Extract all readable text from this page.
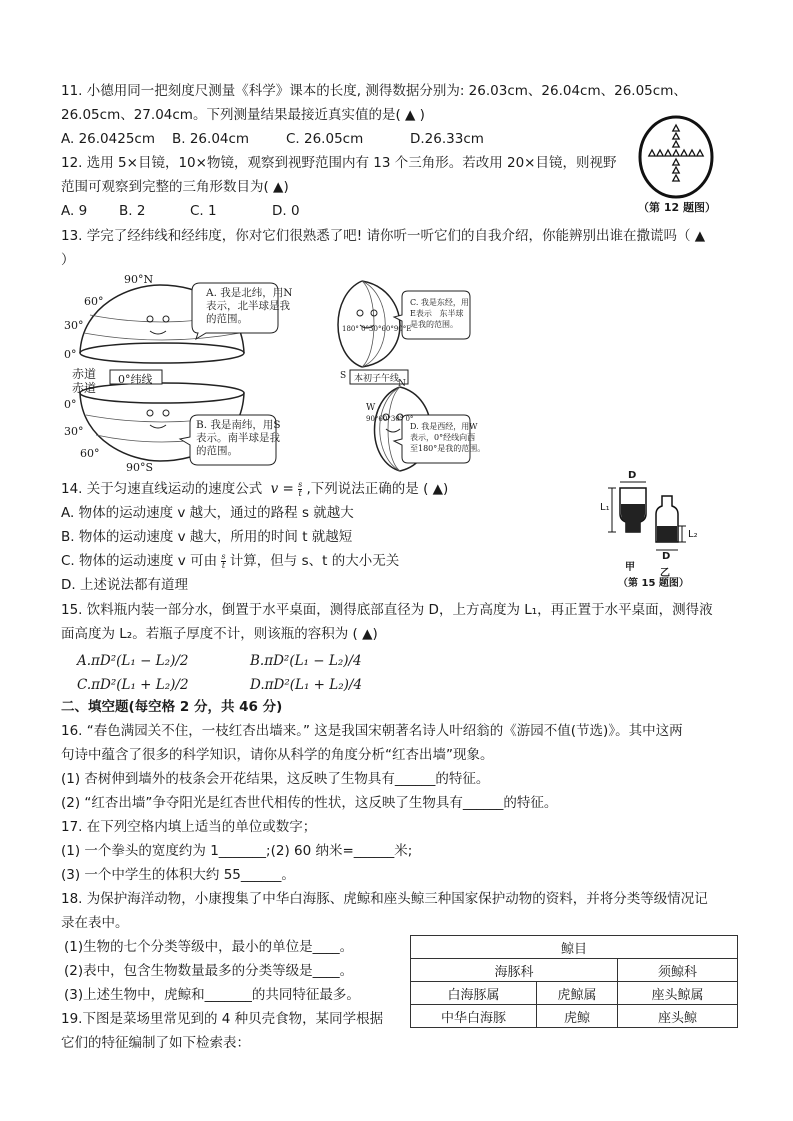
11. 小德用同一把刻度尺测量《科学》课本的长度, 测得数据分别为: 26.03cm、26.04cm、26.05cm、
26.05cm、27.04cm。下列测量结果最接近真实值的是( ▲ )
A. 26.0425cm B. 26.04cm	C. 26.05cm	D.26.33cm
（第 12 题图）
12. 选用 5×目镜，10×物镜，观察到视野范围内有 13 个三角形。若改用 20×目镜，则视野
范围可观察到完整的三角形数目为( ▲)
A. 9 B. 2	C. 1	D. 0
13. 学完了经纬线和经纬度，你对它们很熟悉了吧! 请你听一听它们的自我介绍，你能辨别出谁在撒谎吗（ ▲
）
90°N
60°
30°
0°
赤道
赤道
0°纬线
0°
30°
60°
90°S
A. 我是北纬，用N
表示，北半球是我
的范围。
B. 我是南纬，用S
表示。南半球是我
的范围。
C. 我是东经，用
E表示   东半球
是我的范围。
D. 我是西经，用W
表示，0°经线向西
至180°是我的范围。
180° 0°30°60°90°E
90°60°30° 0°
本初子午线
S
N
W
D
L₁
D
L₂
甲
乙
（第 15 题图）
14. 关于匀速直线运动的速度公式 $v = \frac{s}{t}$ ,下列说法正确的是 ( ▲)
A. 物体的运动速度 v 越大，通过的路程 s 就越大
B. 物体的运动速度 v 越大，所用的时间 t 就越短
C. 物体的运动速度 v 可由 $\frac{s}{t}$ 计算，但与 s、t 的大小无关
D. 上述说法都有道理
15. 饮料瓶内装一部分水，倒置于水平桌面，测得底部直径为 D，上方高度为 L₁，再正置于水平桌面，测得液
面高度为 L₂。若瓶子厚度不计，则该瓶的容积为 ( ▲)
A.πD²(L₁ − L₂)/2	B.πD²(L₁ − L₂)/4
C.πD²(L₁ + L₂)/2	D.πD²(L₁ + L₂)/4
二、填空题(每空格 2 分，共 46 分)
16. “春色满园关不住，一枝红杏出墙来。” 这是我国宋朝著名诗人叶绍翁的《游园不值(节选)》。其中这两
句诗中蕴含了很多的科学知识，请你从科学的角度分析“红杏出墙”现象。
(1) 杏树伸到墙外的枝条会开花结果，这反映了生物具有______的特征。
(2) “红杏出墙”争夺阳光是红杏世代相传的性状，这反映了生物具有______的特征。
17. 在下列空格内填上适当的单位或数字；
(1) 一个拳头的宽度约为 1_______;(2) 60 纳米=______米;
(3) 一个中学生的体积大约 55______。
18. 为保护海洋动物，小康搜集了中华白海豚、虎鲸和座头鲸三种国家保护动物的资料，并将分类等级情况记
录在表中。
(1)生物的七个分类等级中，最小的单位是____。
(2)表中，包含生物数量最多的分类等级是____。
(3)上述生物中，虎鲸和_______的共同特征最多。
鲸目		
海豚科		须鲸科
白海豚属	虎鲸属	座头鲸属
中华白海豚	虎鲸	座头鲸
19.下图是菜场里常见到的 4 种贝壳食物，某同学根据
它们的特征编制了如下检索表：
